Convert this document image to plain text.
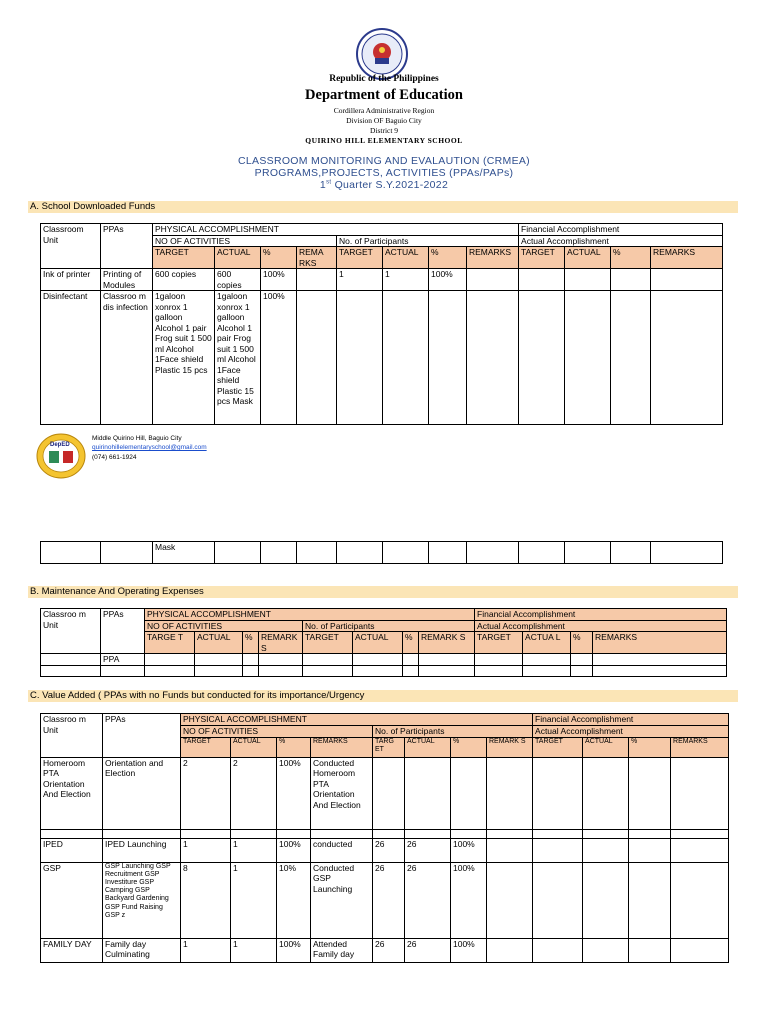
Republic of the Philippines
Department of Education
Cordillera Administrative Region
Division OF Baguio City
District 9
QUIRINO HILL ELEMENTARY SCHOOL
CLASSROOM MONITORING AND EVALAUTION (CRMEA)
PROGRAMS,PROJECTS, ACTIVITIES (PPAs/PAPs)
1st Quarter S.Y.2021-2022
A. School Downloaded Funds
Classroom Unit	PPAs	PHYSICAL ACCOMPLISHMENT								Financial Accomplishment			
		NO OF ACTIVITIES				No. of Participants				Actual Accomplishment			
		TARGET	ACTUAL	%	REMA RKS	TARGET	ACTUAL	%	REMARKS	TARGET	ACTUAL	%	REMARKS
Ink of printer	Printing of Modules	600 copies	600 copies	100%		1	1	100%					
Disinfectant	Classroo m dis infection	1galoon xonrox 1 galloon Alcohol 1 pair Frog suit 1 500 ml Alcohol 1Face shield Plastic 15 pcs	1galoon xonrox 1 galloon Alcohol 1 pair Frog suit 1 500 ml Alcohol 1Face shield Plastic 15 pcs Mask	100%									
DepED
Middle Quirino Hill, Baguio City
quirinohillelementaryschool@gmail.com
(074) 661-1924
		Mask											
B. Maintenance And Operating Expenses
Classroo m Unit	PPAs	PHYSICAL ACCOMPLISHMENT								Financial Accomplishment			
		NO OF ACTIVITIES				No. of Participants				Actual Accomplishment			
		TARGE T	ACTUAL	%	REMARK S	TARGET	ACTUAL	%	REMARK S	TARGET	ACTUA L	%	REMARKS
	PPA												

C. Value Added ( PPAs with no Funds but conducted for its importance/Urgency
Classroo m Unit	PPAs	PHYSICAL ACCOMPLISHMENT								Financial Accomplishment			
		NO OF ACTIVITIES				No. of Participants				Actual Accomplishment			
		TARGET	ACTUAL	%	REMARKS	TARG ET	ACTUAL	%	REMARK S	TARGET	ACTUAL	%	REMARKS
Homeroom PTA Orientation And Election	Orientation and Election	2	2	100%	Conducted Homeroom PTA Orientation And Election								

IPED	IPED Launching	1	1	100%	conducted	26	26	100%					
GSP	GSP Launching GSP Recruitment GSP Investiture GSP Camping GSP Backyard Gardening GSP Fund Raising GSP z	8	1	10%	Conducted GSP Launching	26	26	100%					
FAMILY DAY	Family day Culminating	1	1	100%	Attended Family day	26	26	100%					
